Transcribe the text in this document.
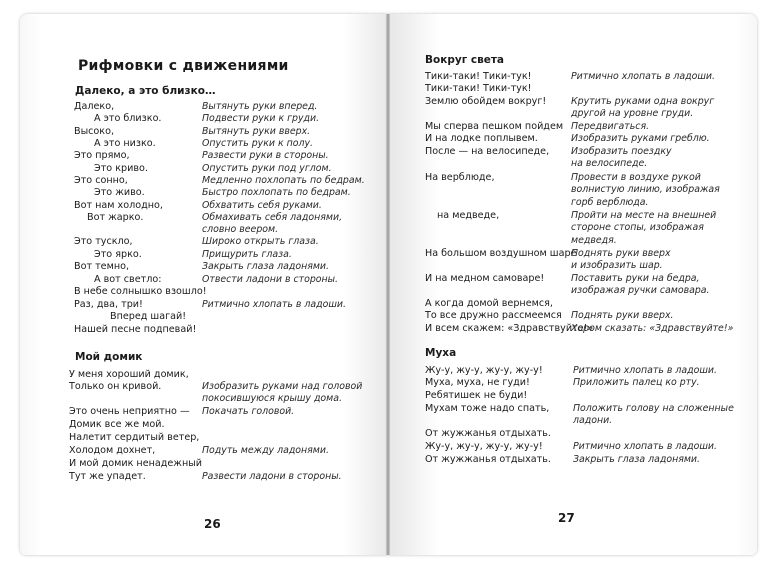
Рифмовки с движениями
Далеко, а это близко…
Далеко,
А это близко.
Высоко,
А это низко.
Это прямо,
Это криво.
Это сонно,
Это живо.
Вот нам холодно,
Вот жарко.
Это тускло,
Это ярко.
Вот темно,
А вот светло:
В небе солнышко взошло!
Раз, два, три!
Вперед шагай!
Нашей песне подпевай!
Вытянуть руки вперед.
Подвести руки к груди.
Вытянуть руки вверх.
Опустить руки к полу.
Развести руки в стороны.
Опустить руки под углом.
Медленно похлопать по бедрам.
Быстро похлопать по бедрам.
Обхватить себя руками.
Обмахивать себя ладонями,
словно веером.
Широко открыть глаза.
Прищурить глаза.
Закрыть глаза ладонями.
Отвести ладони в стороны.
Ритмично хлопать в ладоши.
Мой домик
У меня хороший домик,
Только он кривой.
Это очень неприятно —
Домик все же мой.
Налетит сердитый ветер,
Холодом дохнет,
И мой домик ненадежный
Тут же упадет.
Изобразить руками над головой
покосившуюся крышу дома.
Покачать головой.
Подуть между ладонями.
Развести ладони в стороны.
26
Вокруг света
Тики-таки! Тики-тук!
Тики-таки! Тики-тук!
Землю обойдем вокруг!
Мы сперва пешком пойдем
И на лодке поплывем.
После — на велосипеде,
На верблюде,
на медведе,
На большом воздушном шаре
И на медном самоваре!
А когда домой вернемся,
То все дружно рассмеемся
И всем скажем: «Здравствуйте!»
Ритмично хлопать в ладоши.
Крутить руками одна вокруг
другой на уровне груди.
Передвигаться.
Изобразить руками греблю.
Изобразить поездку
на велосипеде.
Провести в воздухе рукой
волнистую линию, изображая
горб верблюда.
Пройти на месте на внешней
стороне стопы, изображая
медведя.
Поднять руки вверх
и изобразить шар.
Поставить руки на бедра,
изображая ручки самовара.
Поднять руки вверх.
Хором сказать: «Здравствуйте!»
Муха
Жу-у, жу-у, жу-у, жу-у!
Муха, муха, не гуди!
Ребятишек не буди!
Мухам тоже надо спать,
От жужжанья отдыхать.
Жу-у, жу-у, жу-у, жу-у!
От жужжанья отдыхать.
Ритмично хлопать в ладоши.
Приложить палец ко рту.
Положить голову на сложенные
ладони.
Ритмично хлопать в ладоши.
Закрыть глаза ладонями.
27
